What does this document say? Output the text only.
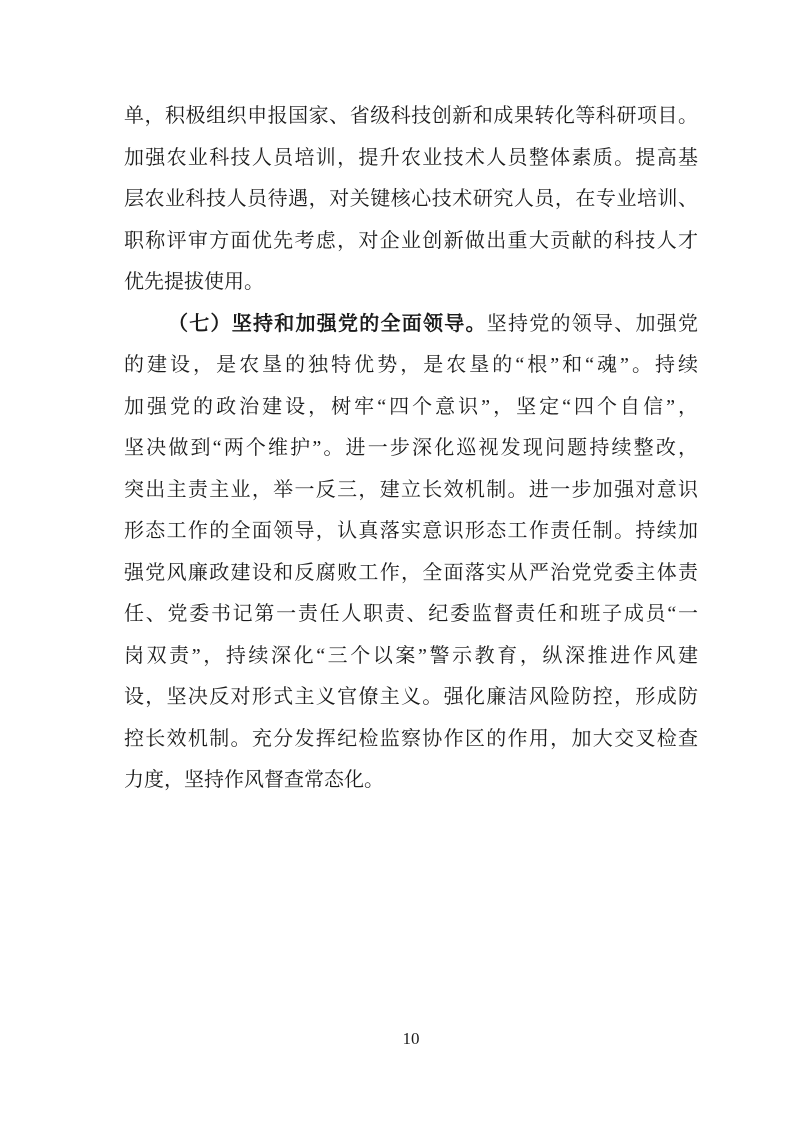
单，积极组织申报国家、省级科技创新和成果转化等科研项目。
加强农业科技人员培训，提升农业技术人员整体素质。提高基
层农业科技人员待遇，对关键核心技术研究人员，在专业培训、
职称评审方面优先考虑，对企业创新做出重大贡献的科技人才
优先提拔使用。
（七）坚持和加强党的全面领导。坚持党的领导、加强党
的建设，是农垦的独特优势，是农垦的“根”和“魂”。持续
加强党的政治建设，树牢“四个意识”，坚定“四个自信”，
坚决做到“两个维护”。进一步深化巡视发现问题持续整改，
突出主责主业，举一反三，建立长效机制。进一步加强对意识
形态工作的全面领导，认真落实意识形态工作责任制。持续加
强党风廉政建设和反腐败工作，全面落实从严治党党委主体责
任、党委书记第一责任人职责、纪委监督责任和班子成员“一
岗双责”，持续深化“三个以案”警示教育，纵深推进作风建
设，坚决反对形式主义官僚主义。强化廉洁风险防控，形成防
控长效机制。充分发挥纪检监察协作区的作用，加大交叉检查
力度，坚持作风督查常态化。
10
